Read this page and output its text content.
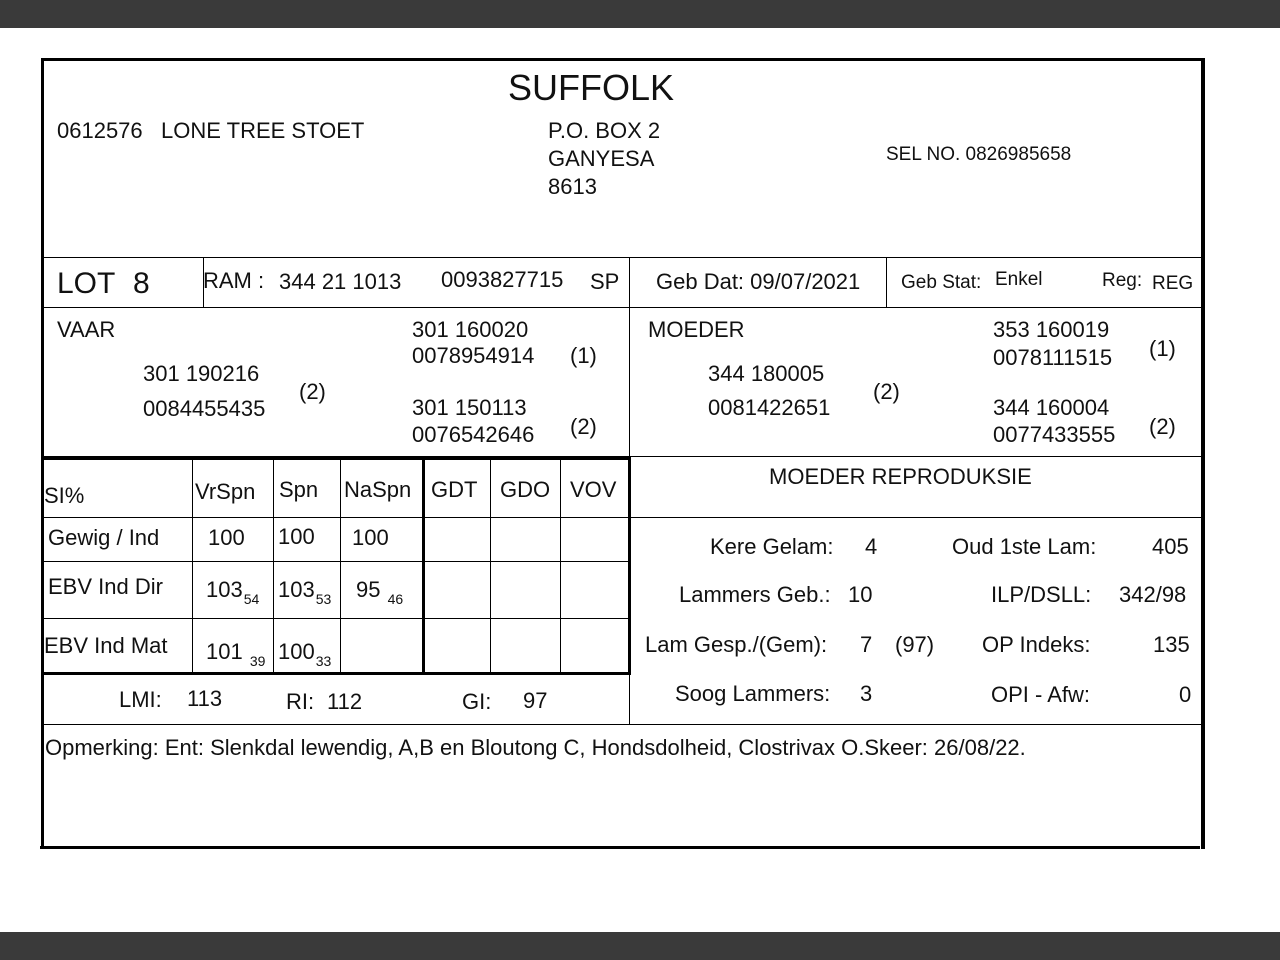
SUFFOLK
0612576 LONE TREE STOET	P.O. BOX 2
GANYESA
8613
SEL NO. 0826985658
LOT 8 RAM : 344 21 1013 0093827715 SP Geb Dat: 09/07/2021 Geb Stat: Enkel	Reg: REG
VAAR
301 190216
0084455435
(2)
301 160020
0078954914 (1)
301 150113
0076542646 (2)
MOEDER
344 180005
0081422651
(2)
353 160019
0078111515 (1)
344 160004
0077433555 (2)
SI%	VrSpn Spn NaSpn GDT GDO VOV
Gewig / Ind 100 100 100
EBV Ind Dir $103_{54}$ $103_{53}$ 95 $_{46}$
EBV Ind Mat 101 $_{39}$ $100_{33}$
LMI: 113	RI: 112	GI: 97
MOEDER REPRODUKSIE
Kere Gelam: 4	Oud 1ste Lam:	405
Lammers Geb.: 10	ILP/DSLL: 342/98
Lam Gesp./(Gem): 7 (97) OP Indeks:	135
Soog Lammers: 3	OPI - Afw:	0
Opmerking: Ent: Slenkdal lewendig, A,B en Bloutong C, Hondsdolheid, Clostrivax O.Skeer: 26/08/22.
